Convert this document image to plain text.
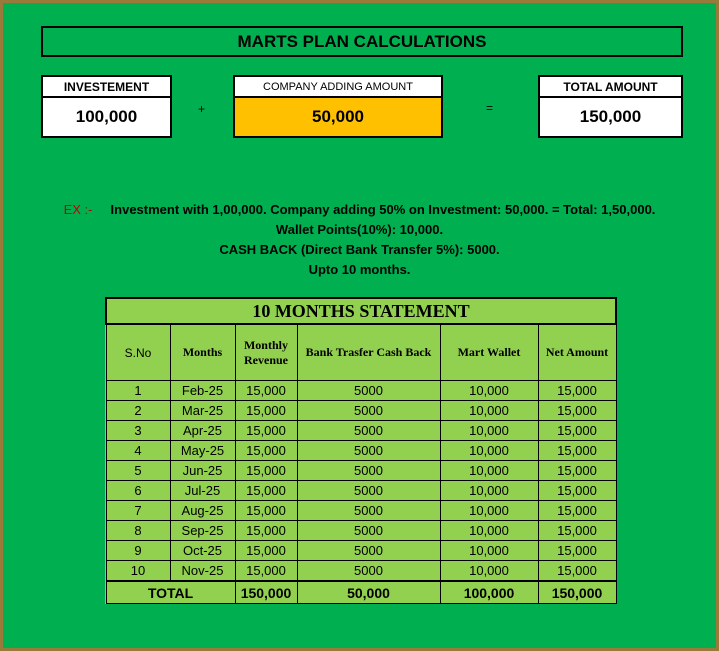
MARTS PLAN CALCULATIONS
INVESTEMENT
100,000	+
COMPANY ADDING AMOUNT
50,000	=
TOTAL AMOUNT
150,000
EX :- Investment with 1,00,000. Company adding 50% on Investment: 50,000. = Total: 1,50,000.
Wallet Points(10%): 10,000.
CASH BACK (Direct Bank Transfer 5%): 5000.
Upto 10 months.
10 MONTHS STATEMENT					
S.No	Months	Monthly Revenue	Bank Trasfer Cash Back	Mart Wallet	Net Amount
1	Feb-25	15,000	5000	10,000	15,000
2	Mar-25	15,000	5000	10,000	15,000
3	Apr-25	15,000	5000	10,000	15,000
4	May-25	15,000	5000	10,000	15,000
5	Jun-25	15,000	5000	10,000	15,000
6	Jul-25	15,000	5000	10,000	15,000
7	Aug-25	15,000	5000	10,000	15,000
8	Sep-25	15,000	5000	10,000	15,000
9	Oct-25	15,000	5000	10,000	15,000
10	Nov-25	15,000	5000	10,000	15,000
TOTAL		150,000	50,000	100,000	150,000
